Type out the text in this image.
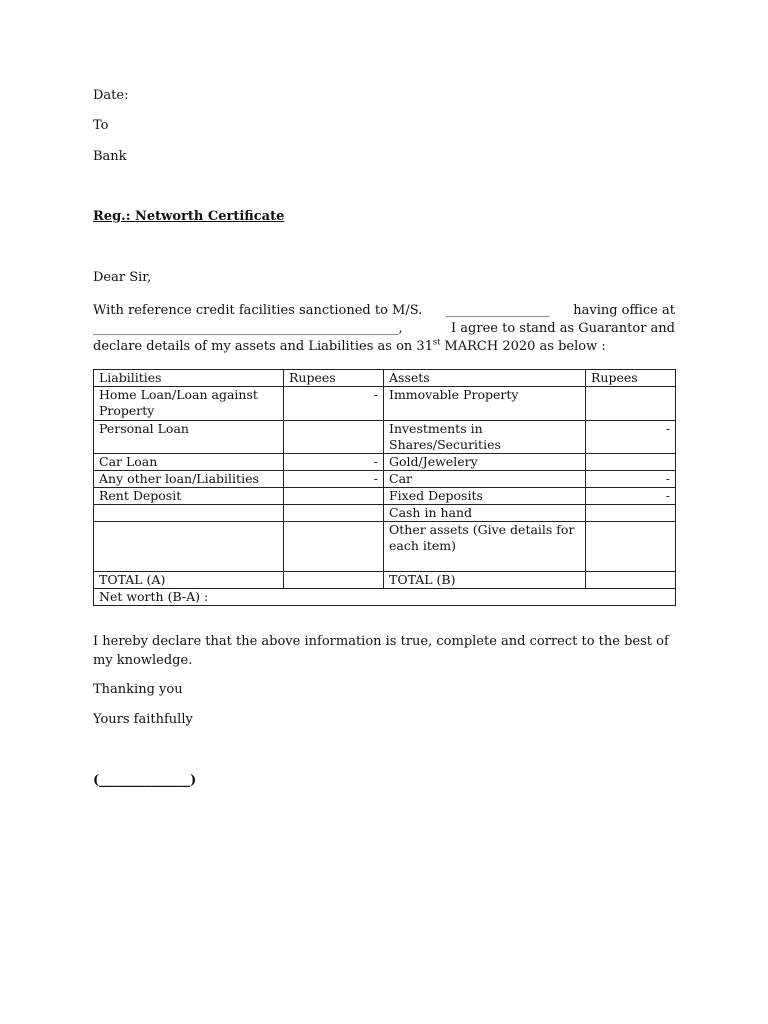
Date:
To
Bank
Reg.: Networth Certificate
Dear Sir,
With reference credit facilities sanctioned to M/S. ________________ having office at
_______________________________________________,	I agree to stand as Guarantor and
declare details of my assets and Liabilities as on 31st MARCH 2020 as below :
Liabilities	Rupees	Assets	Rupees
Home Loan/Loan against Property	-	Immovable Property	
Personal Loan		Investments in Shares/Securities	-
Car Loan	-	Gold/Jewelery	
Any other loan/Liabilities	-	Car	-
Rent Deposit		Fixed Deposits	-
		Cash in hand	
		Other assets (Give details for each item)	
TOTAL (A)		TOTAL (B)	
Net worth (B-A) :			
I hereby declare that the above information is true, complete and correct to the best of my knowledge.
Thanking you
Yours faithfully
(______________)
